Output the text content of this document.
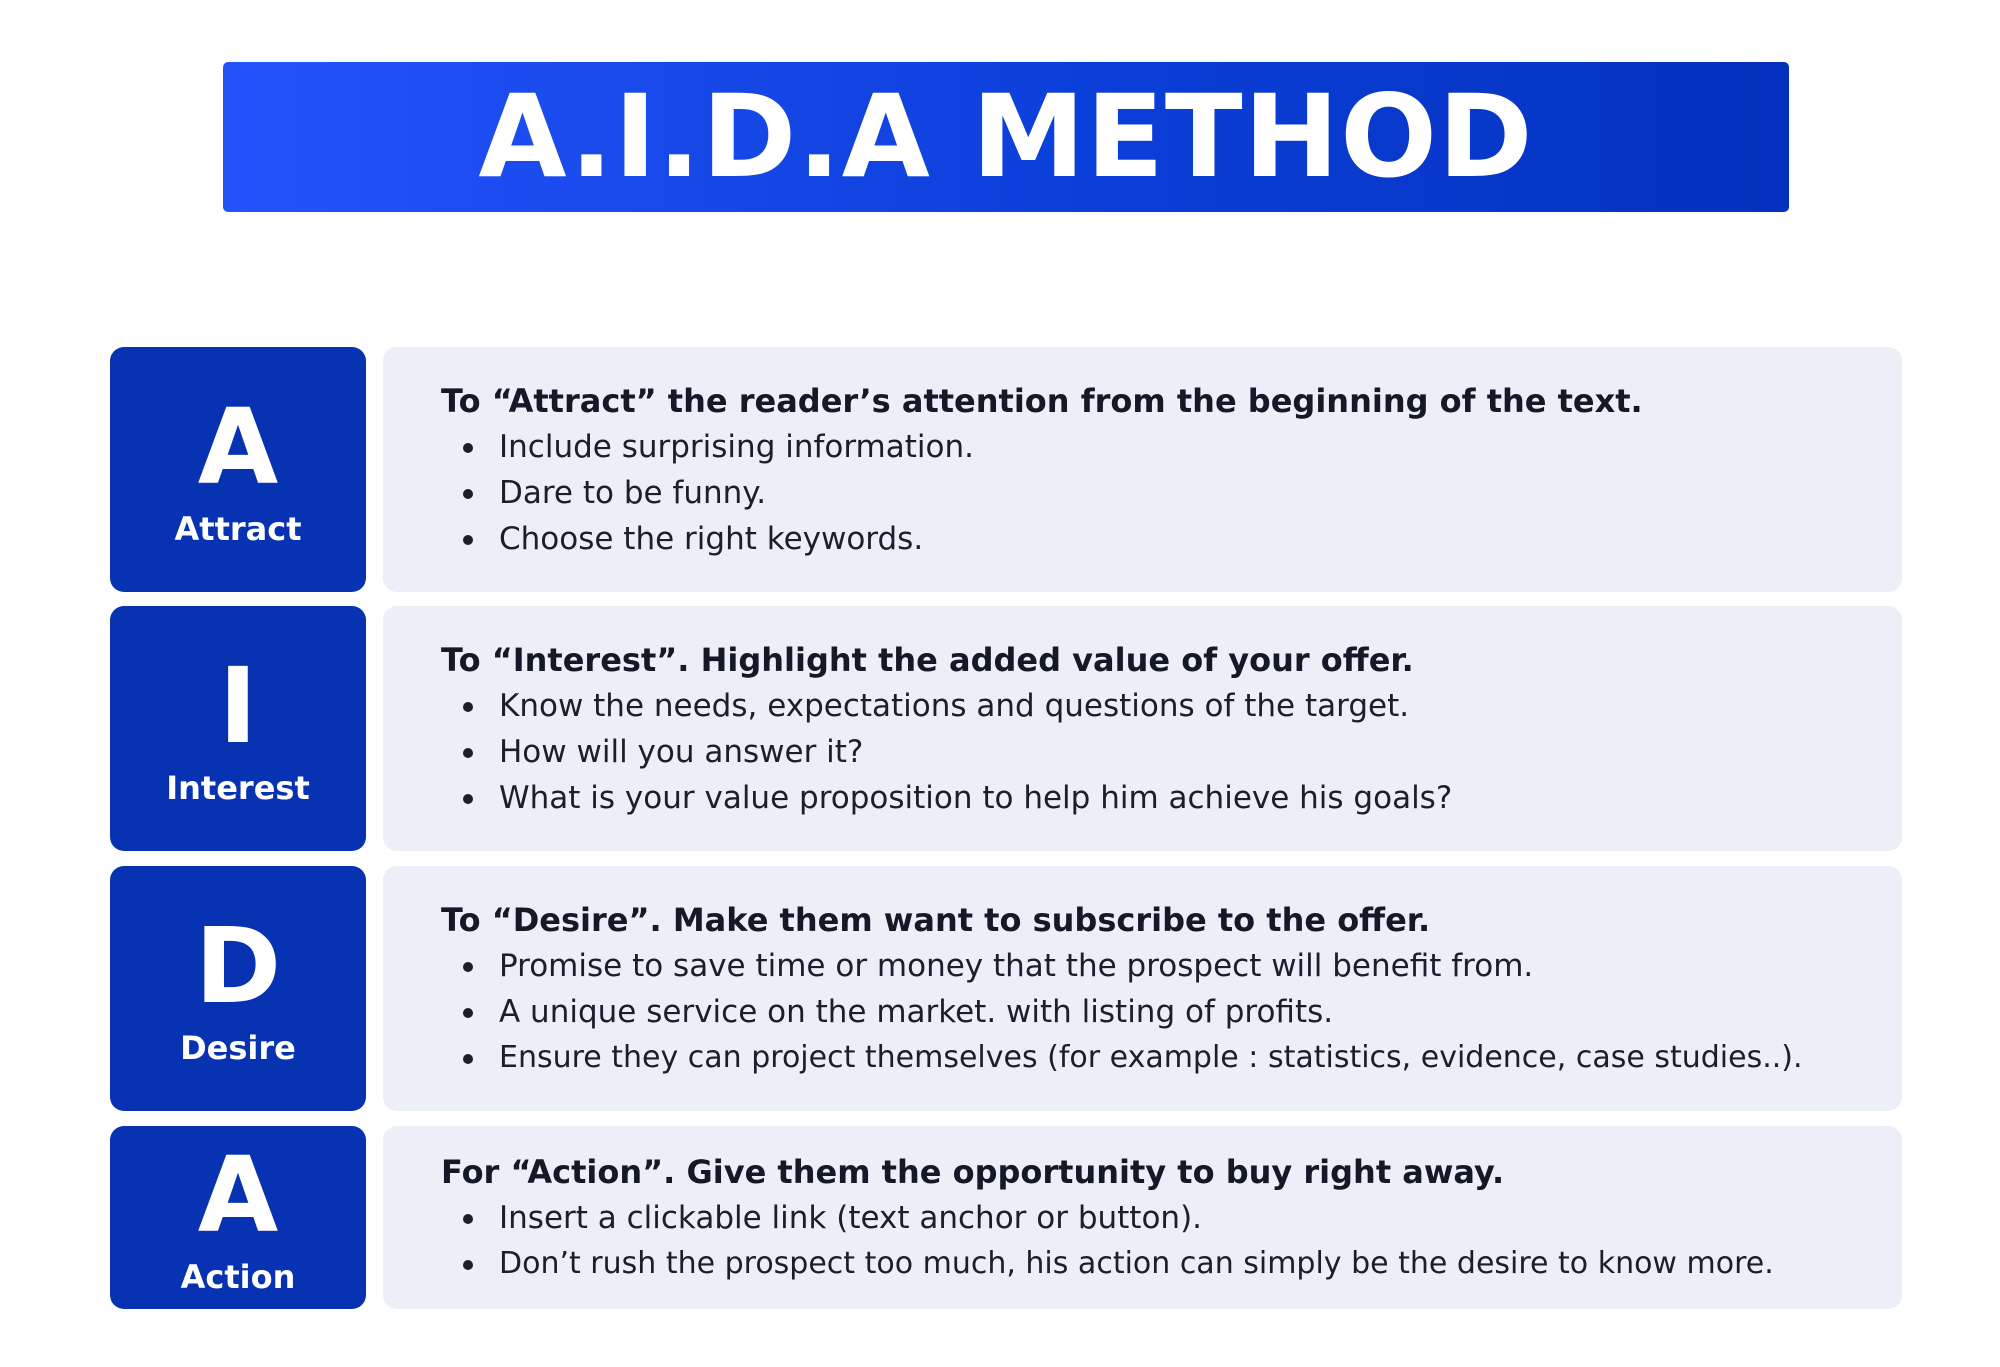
A.I.D.A METHOD
A
Attract
To “Attract” the reader’s attention from the beginning of the text.
Include surprising information.
Dare to be funny.
Choose the right keywords.
I
Interest
To “Interest”. Highlight the added value of your offer.
Know the needs, expectations and questions of the target.
How will you answer it?
What is your value proposition to help him achieve his goals?
D
Desire
To “Desire”. Make them want to subscribe to the offer.
Promise to save time or money that the prospect will benefit from.
A unique service on the market. with listing of profits.
Ensure they can project themselves (for example : statistics, evidence, case studies..).
A
Action
For “Action”. Give them the opportunity to buy right away.
Insert a clickable link (text anchor or button).
Don’t rush the prospect too much, his action can simply be the desire to know more.
